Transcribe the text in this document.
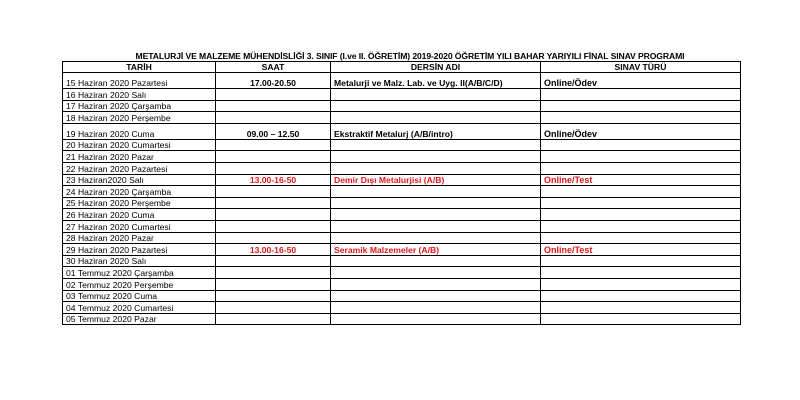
METALURJİ VE MALZEME MÜHENDİSLİĞİ 3. SINIF (I.ve II. ÖĞRETİM) 2019-2020 ÖĞRETİM YILI BAHAR YARIYILI FİNAL SINAV PROGRAMI
TARİH	SAAT	DERSİN ADI	SINAV TÜRÜ
15 Haziran 2020 Pazartesi	17.00-20.50	Metalurji ve Malz. Lab. ve Uyg. II(A/B/C/D)	Online/Ödev
16 Haziran 2020 Salı			
17 Haziran 2020 Çarşamba			
18 Haziran 2020 Perşembe			
19 Haziran 2020 Cuma	09.00 – 12.50	Ekstraktif Metalurj (A/B/intro)	Online/Ödev
20 Haziran 2020 Cumartesi			
21 Haziran 2020 Pazar			
22 Haziran 2020 Pazartesi			
23 Haziran2020 Salı	13.00-16-50	Demir Dışı Metalurjisi (A/B)	Online/Test
24 Haziran 2020 Çarşamba			
25 Haziran 2020 Perşembe			
26 Haziran 2020 Cuma			
27 Haziran 2020 Cumartesi			
28 Haziran 2020 Pazar			
29 Haziran 2020 Pazartesi	13.00-16-50	Seramik Malzemeler (A/B)	Online/Test
30 Haziran 2020 Salı			
01 Temmuz 2020 Çarşamba			
02 Temmuz 2020 Perşembe			
03 Temmuz 2020 Cuma			
04 Temmuz 2020 Cumartesi			
05 Temmuz 2020 Pazar			
